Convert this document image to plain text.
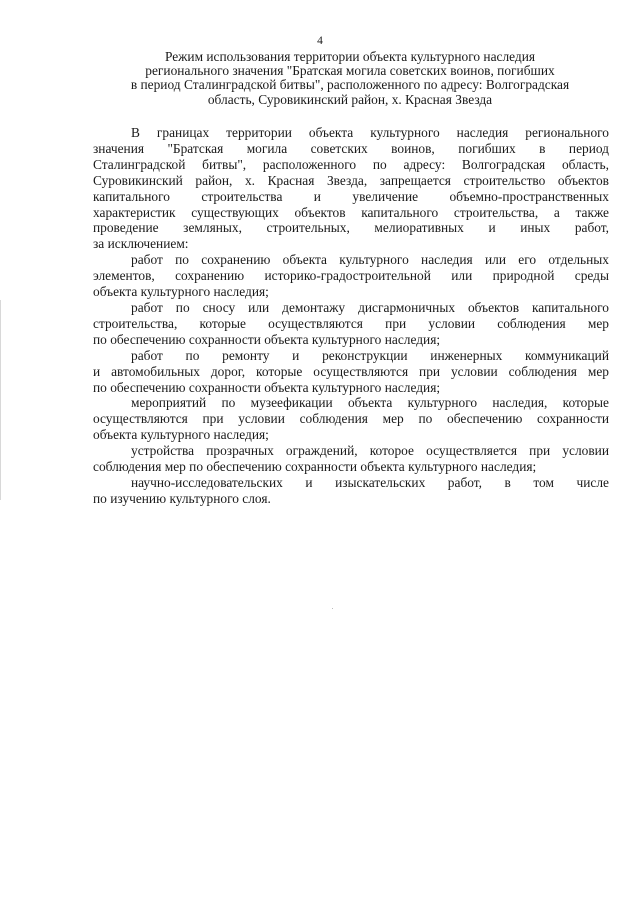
4
Режим использования территории объекта культурного наследия
регионального значения "Братская могила советских воинов, погибших
в период Сталинградской битвы", расположенного по адресу: Волгоградская
область, Суровикинский район, х. Красная Звезда
В границах территории объекта культурного наследия регионального
значения "Братская могила советских воинов, погибших в период
Сталинградской битвы", расположенного по адресу: Волгоградская область,
Суровикинский район, х. Красная Звезда, запрещается строительство объектов
капитального строительства и увеличение объемно-пространственных
характеристик существующих объектов капитального строительства, а также
проведение земляных, строительных, мелиоративных и иных работ,
за исключением:
работ по сохранению объекта культурного наследия или его отдельных
элементов, сохранению историко-градостроительной или природной среды
объекта культурного наследия;
работ по сносу или демонтажу дисгармоничных объектов капитального
строительства, которые осуществляются при условии соблюдения мер
по обеспечению сохранности объекта культурного наследия;
работ по ремонту и реконструкции инженерных коммуникаций
и автомобильных дорог, которые осуществляются при условии соблюдения мер
по обеспечению сохранности объекта культурного наследия;
мероприятий по музеефикации объекта культурного наследия, которые
осуществляются при условии соблюдения мер по обеспечению сохранности
объекта культурного наследия;
устройства прозрачных ограждений, которое осуществляется при условии
соблюдения мер по обеспечению сохранности объекта культурного наследия;
научно-исследовательских и изыскательских работ, в том числе
по изучению культурного слоя.
